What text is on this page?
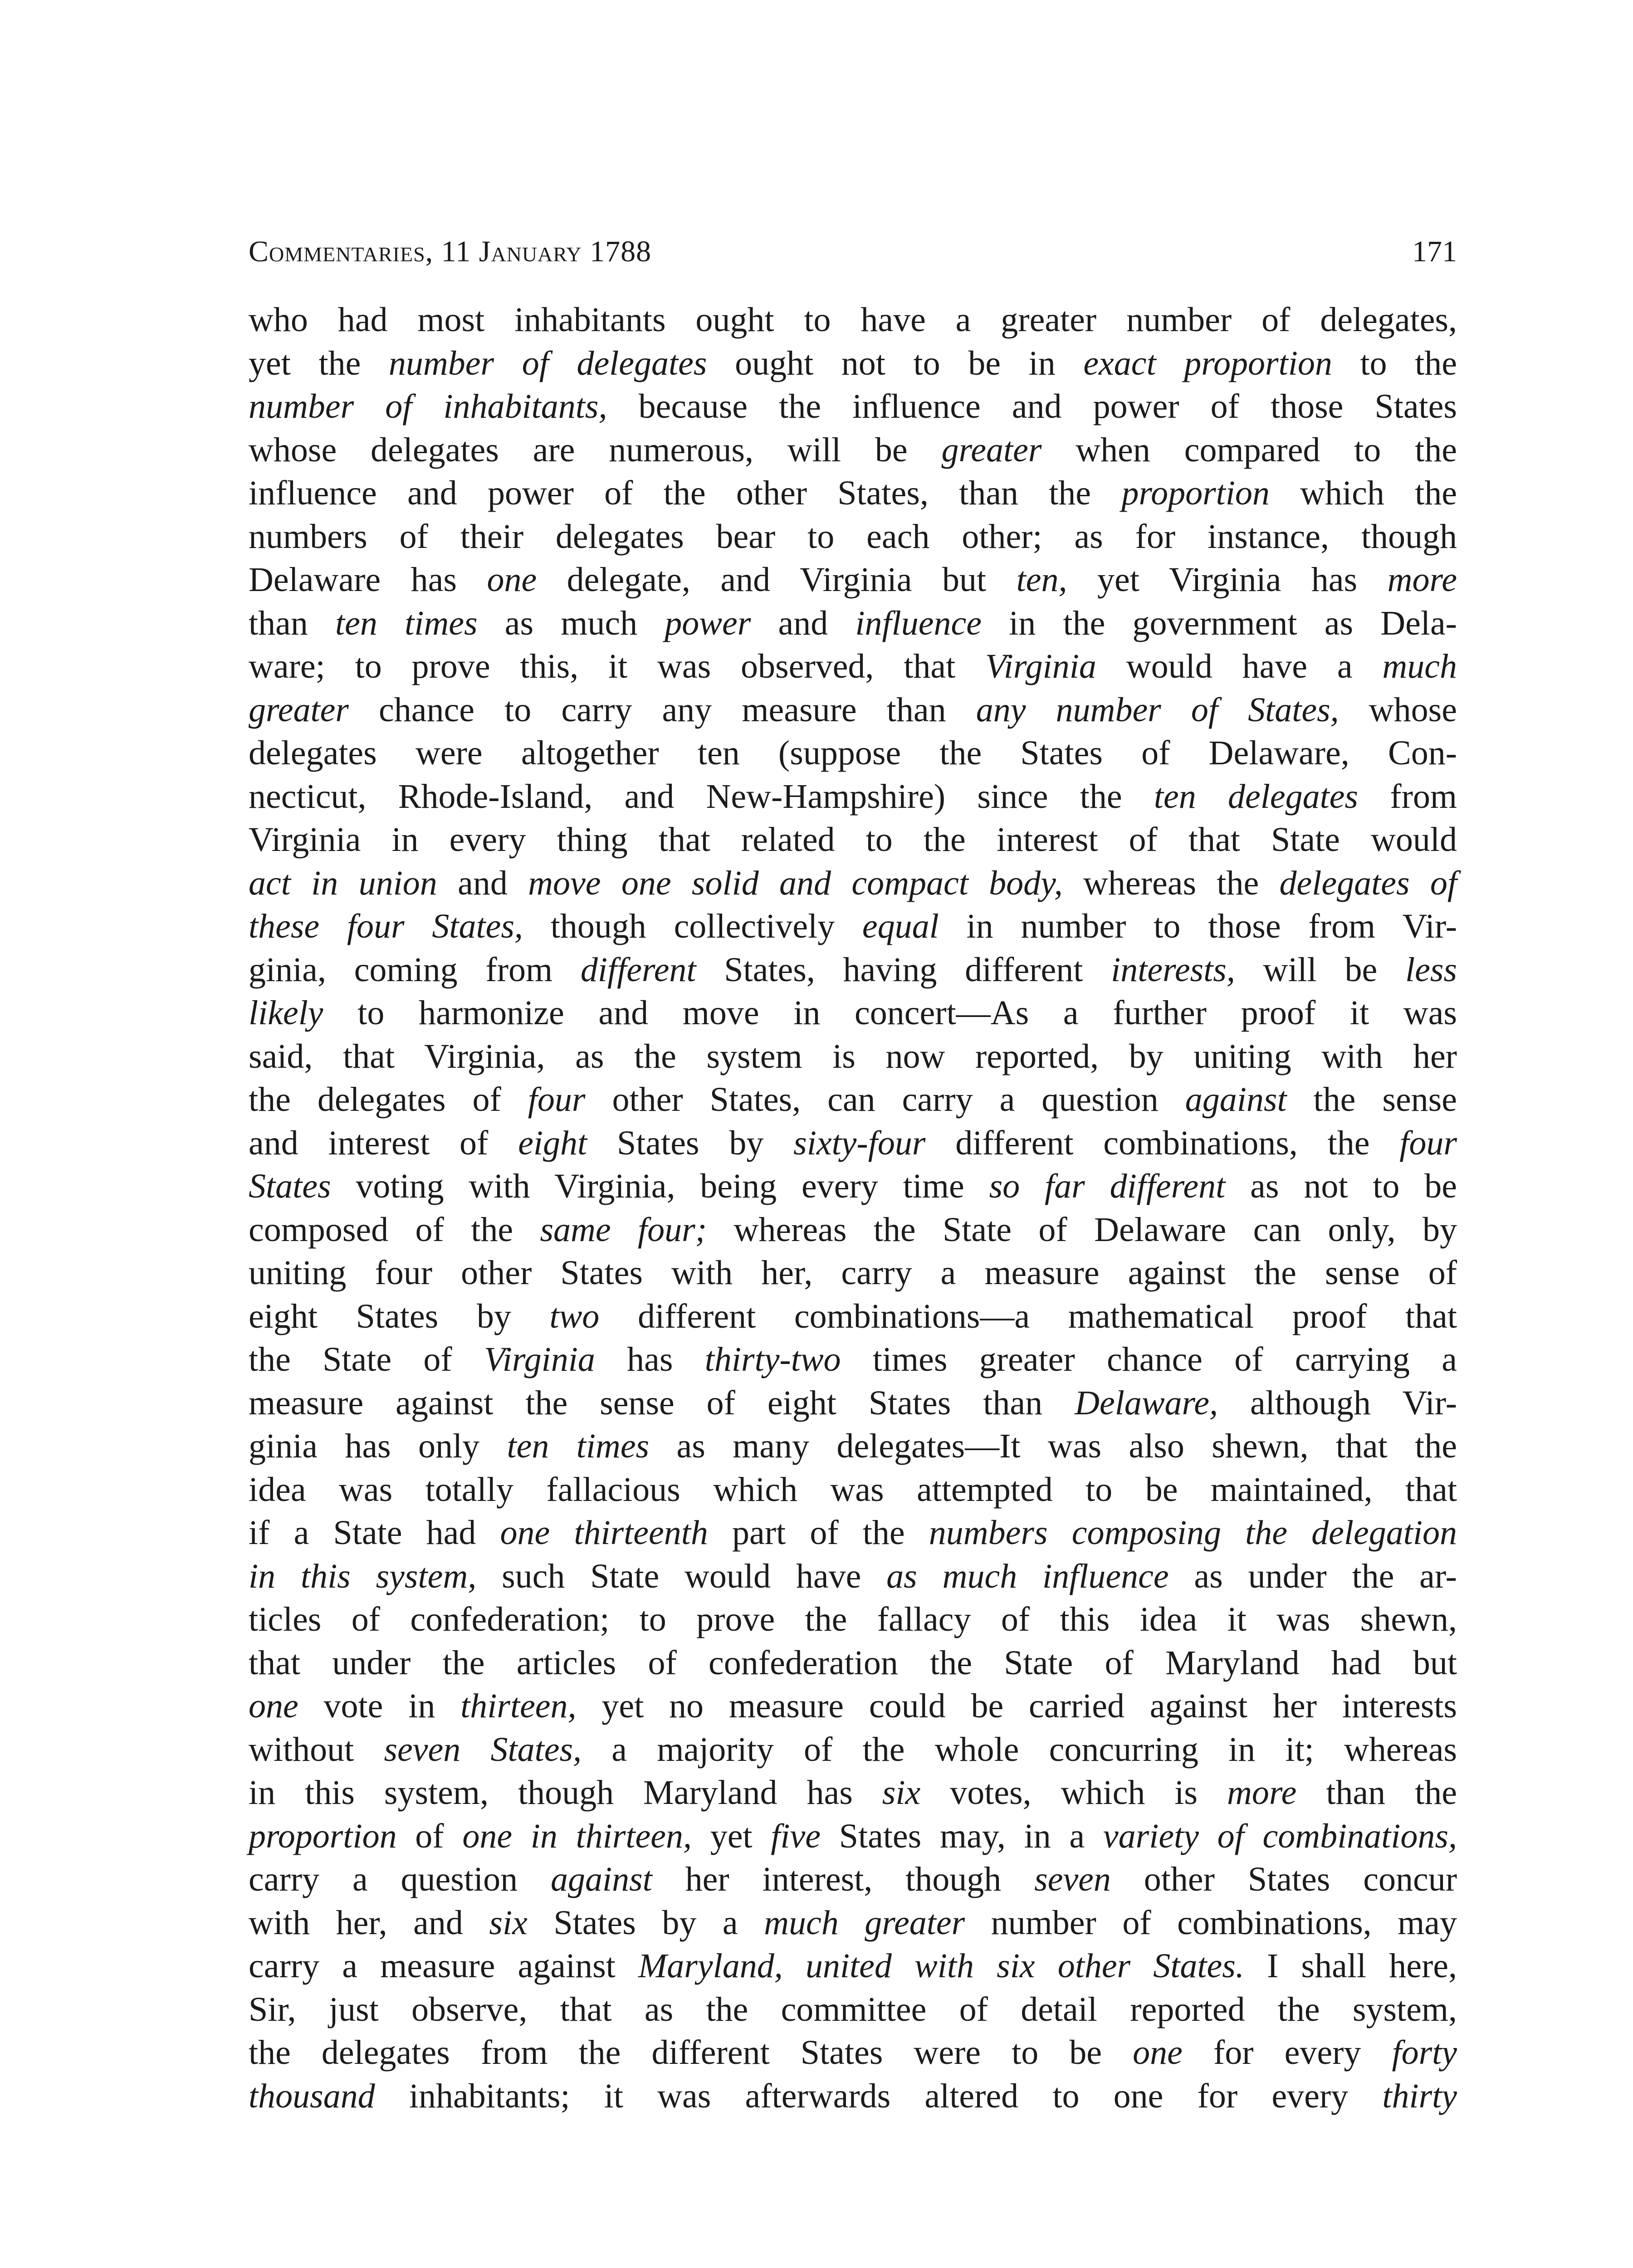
Commentaries, 11 January 1788	171
who had most inhabitants ought to have a greater number of delegates,
yet the number of delegates ought not to be in exact proportion to the
number of inhabitants, because the influence and power of those States
whose delegates are numerous, will be greater when compared to the
influence and power of the other States, than the proportion which the
numbers of their delegates bear to each other; as for instance, though
Delaware has one delegate, and Virginia but ten, yet Virginia has more
than ten times as much power and influence in the government as Dela-
ware; to prove this, it was observed, that Virginia would have a much
greater chance to carry any measure than any number of States, whose
delegates were altogether ten (suppose the States of Delaware, Con-
necticut, Rhode-Island, and New-Hampshire) since the ten delegates from
Virginia in every thing that related to the interest of that State would
act in union and move one solid and compact body, whereas the delegates of
these four States, though collectively equal in number to those from Vir-
ginia, coming from different States, having different interests, will be less
likely to harmonize and move in concert—As a further proof it was
said, that Virginia, as the system is now reported, by uniting with her
the delegates of four other States, can carry a question against the sense
and interest of eight States by sixty-four different combinations, the four
States voting with Virginia, being every time so far different as not to be
composed of the same four; whereas the State of Delaware can only, by
uniting four other States with her, carry a measure against the sense of
eight States by two different combinations—a mathematical proof that
the State of Virginia has thirty-two times greater chance of carrying a
measure against the sense of eight States than Delaware, although Vir-
ginia has only ten times as many delegates—It was also shewn, that the
idea was totally fallacious which was attempted to be maintained, that
if a State had one thirteenth part of the numbers composing the delegation
in this system, such State would have as much influence as under the ar-
ticles of confederation; to prove the fallacy of this idea it was shewn,
that under the articles of confederation the State of Maryland had but
one vote in thirteen, yet no measure could be carried against her interests
without seven States, a majority of the whole concurring in it; whereas
in this system, though Maryland has six votes, which is more than the
proportion of one in thirteen, yet five States may, in a variety of combinations,
carry a question against her interest, though seven other States concur
with her, and six States by a much greater number of combinations, may
carry a measure against Maryland, united with six other States. I shall here,
Sir, just observe, that as the committee of detail reported the system,
the delegates from the different States were to be one for every forty
thousand inhabitants; it was afterwards altered to one for every thirty
